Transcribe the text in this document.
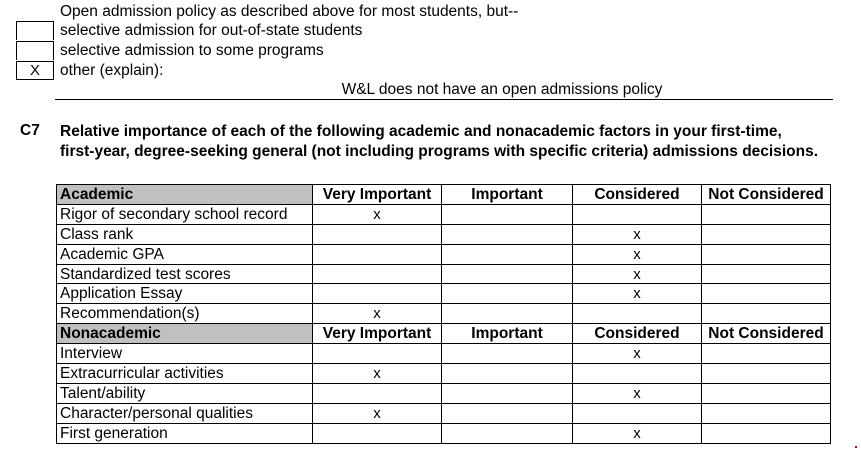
X
Open admission policy as described above for most students, but--
selective admission for out-of-state students
selective admission to some programs
other (explain):
W&L does not have an open admissions policy
C7 Relative importance of each of the following academic and nonacademic factors in your first-time, first-year, degree-seeking general (not including programs with specific criteria) admissions decisions.
Academic	Very Important	Important	Considered	Not Considered
Rigor of secondary school record	x			
Class rank			x	
Academic GPA			x	
Standardized test scores			x	
Application Essay			x	
Recommendation(s)	x			
Nonacademic	Very Important	Important	Considered	Not Considered
Interview			x	
Extracurricular activities	x			
Talent/ability			x	
Character/personal qualities	x			
First generation			x	
